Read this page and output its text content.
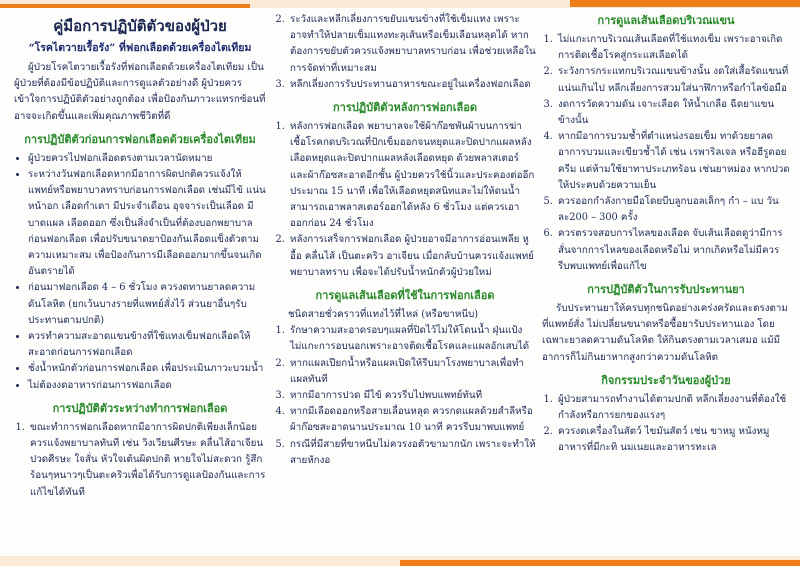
คู่มือการปฏิบัติตัวของผู้ป่วย
“โรคไตวายเรื้อรัง” ที่ฟอกเลือดด้วยเครื่องไตเทียม

ผู้ป่วยโรคไตวายเรื้อรังที่ฟอกเลือดด้วยเครื่องไตเทียม เป็นผู้ป่วยที่ต้องมีข้อปฏิบัติและการดูแลตัวอย่างดี ผู้ป่วยควรเข้าใจการปฏิบัติตัวอย่างถูกต้อง เพื่อป้องกันภาวะแทรกซ้อนที่อาจจะเกิดขึ้นและเพิ่มคุณภาพชีวิตที่ดี

การปฏิบัติตัวก่อนการฟอกเลือดด้วยเครื่องไตเทียม
• ผู้ป่วยควรไปฟอกเลือดตรงตามเวลานัดหมาย
• ระหว่างวันฟอกเลือดหากมีอาการผิดปกติควรแจ้งให้แพทย์หรือพยาบาลทราบก่อนการฟอกเลือด เช่นมีไข้ แน่นหน้าอก เลือดกำเดา มีประจำเดือน อุจจาระเป็นเลือด มีบาดแผล เลือดออก ซึ่งเป็นสิ่งจำเป็นที่ต้องบอกพยาบาลก่อนฟอกเลือด เพื่อปรับขนาดยาป้องกันเลือดแข็งตัวตามความเหมาะสม เพื่อป้องกันการมีเลือดออกมากขึ้นจนเกิดอันตรายได้
• ก่อนมาฟอกเลือด 4 – 6 ชั่วโมง ควรงดทานยาลดความดันโลหิต (ยกเว้นบางรายที่แพทย์สั่งไว้ ส่วนยาอื่นๆรับประทานตามปกติ)
• ควรทำความสะอาดแขนข้างที่ใช้แทงเข็มฟอกเลือดให้สะอาดก่อนการฟอกเลือด
• ชั่งน้ำหนักตัวก่อนการฟอกเลือด เพื่อประเมินภาวะบวมน้ำ
• ไม่ต้องงดอาหารก่อนการฟอกเลือด
การปฏิบัติตัวระหว่างทำการฟอกเลือด
1. ขณะทำการฟอกเลือดหากมีอาการผิดปกติเพียงเล็กน้อยควรแจ้งพยาบาลทันที เช่น วิงเวียนศีรษะ คลื่นไส้อาเจียน ปวดศีรษะ ใจสั่น หัวใจเต้นผิดปกติ หายใจไม่สะดวก รู้สึกร้อนๆหนาวๆเป็นตะคริวเพื่อได้รับการดูแลป้องกันและการแก้ไขได้ทันที
2. ระวังและหลีกเลี่ยงการขยับแขนข้างที่ใช้เข็มแทง เพราะอาจทำให้ปลายเข็มแทงทะลุเส้นหรือเข็มเลือนหลุดได้ หากต้องการขยับตัวควรแจ้งพยาบาลทราบก่อน เพื่อช่วยเหลือในการจัดท่าที่เหมาะสม
3. หลีกเลี่ยงการรับประทานอาหารขณะอยู่ในเครื่องฟอกเลือด
การปฏิบัติตัวหลังการฟอกเลือด
1. หลังการฟอกเลือด พยาบาลจะใช้ผ้าก๊อซพันผ้าบนการฆ่าเชื้อโรคกดบริเวณที่ปักเข็มออกจนหยุดและปิดปากแผลหลังเลือดหยุดและปิดปากแผลหลังเลือดหยุด ด้วยพลาสเตอร์ และผ้าก๊อซสะอาดอีกชั้น ผู้ป่วยควรใช้นิ้วและประคองต่ออีกประมาณ 15 นาที เพื่อให้เลือดหยุดสนิทและไม่ให้ดนน้ำสามารถเอาพลาสเตอร์ออกได้หลัง 6 ชั่วโมง แต่ควรเอาออกก่อน 24 ชั่วโมง
2. หลังการเสร็จการฟอกเลือด ผู้ป่วยอาจมีอาการอ่อนเพลีย หูอื้อ คลื่นไส้ เป็นตะคริว อาเจียน เมื่อกลับบ้านควรแจ้งแพทย์พยาบาลทราบ เพื่อจะได้ปรับน้ำหนักตัวผู้ป่วยใหม่
การดูแลเส้นเลือดที่ใช้ในการฟอกเลือด

ชนิดสายชั่วคราวที่แทงไว้ที่ไหล่ (หรือขาหนีบ)

1. รักษาความสะอาดรอบๆแผลที่ปิดไว้ไม่ให้โดนน้ำ ฝุ่นแป้ง ไม่แกะการอบนอกเพราะอาจติดเชื้อโรคและแผลอักเสบได้
2. หากแผลเปียกน้ำหรือแผลเปิดให้รีบมาโรงพยาบาลเพื่อทำแผลทันที
3. หากมีอาการปวด มีไข้ ควรรีบไปพบแพทย์ทันที
4. หากมีเลือดออกหรือสายเลื่อนหลุด ควรกดแผลด้วยสำลีหรือผ้าก๊อซสะอาดนานประมาณ 10 นาที ควรรีบมาพบแพทย์
5. กรณีที่มีสายที่ขาหนีบไม่ควรงอตัวขามากนัก เพราะจะทำให้สายหักงอ
การดูแลเส้นเลือดบริเวณแขน
1. ไม่แกะเกาบริเวณเส้นเลือดที่ใช้แทงเข็ม เพราะอาจเกิดการติดเชื้อโรคสู่กระแสเลือดได้
2. ระวังการกระแทกบริเวณแขนข้างนั้น งดใส่เสื้อรัดแขนที่แน่นเกินไป หลีกเลี่ยงการสวมใส่นาฬิกาหรือกำไลข้อมือ
3. งดการวัดความดัน เจาะเลือด ให้น้ำเกลือ ฉีดยาแขนข้างนั้น
4. หากมีอาการบวมช้ำที่ตำแหน่งรอยเข็ม ทาด้วยยาลดอาการบวมและเขียวช้ำได้ เช่น เรพาริลเจล หรือฮีรูดอยครีม แต่ห้ามใช้ยาทาประเภทร้อน เช่นยาหม่อง หากปวดให้ประคบด้วยความเย็น
5. ควรออกกำลังกายมือโดยบีบลูกบอลเล็กๆ กำ – แบ วันละ200 – 300 ครั้ง
6. ควรตรวจสอบการไหลของเลือด จับเส้นเลือดดูว่ามีการสั่นจากการไหลของเลือดหรือไม่ หากเกิดหรือไม่มีควรรีบพบแพทย์เพื่อแก้ไข
การปฏิบัติตัวในการรับประทานยา

รับประทานยาให้ครบทุกชนิดอย่างเคร่งครัดและตรงตามที่แพทย์สั่ง ไม่เปลี่ยนขนาดหรือซื้อยารับประทานเอง โดยเฉพาะยาลดความดันโลหิต ให้กินตรงตามเวลาเสมอ แม้มีอาการก็ไม่กินยาหากสูงกว่าความดันโลหิต

กิจกรรมประจำวันของผู้ป่วย
1. ผู้ป่วยสามารถทำงานได้ตามปกติ หลีกเลี่ยงงานที่ต้องใช้กำลังหรือการยกของแรงๆ
2. ควรงดเครื่องในสัตว์ ไขมันสัตว์ เช่น ขาหมู หนังหมู อาหารที่มีกะทิ นมเนยและอาหารทะเล
